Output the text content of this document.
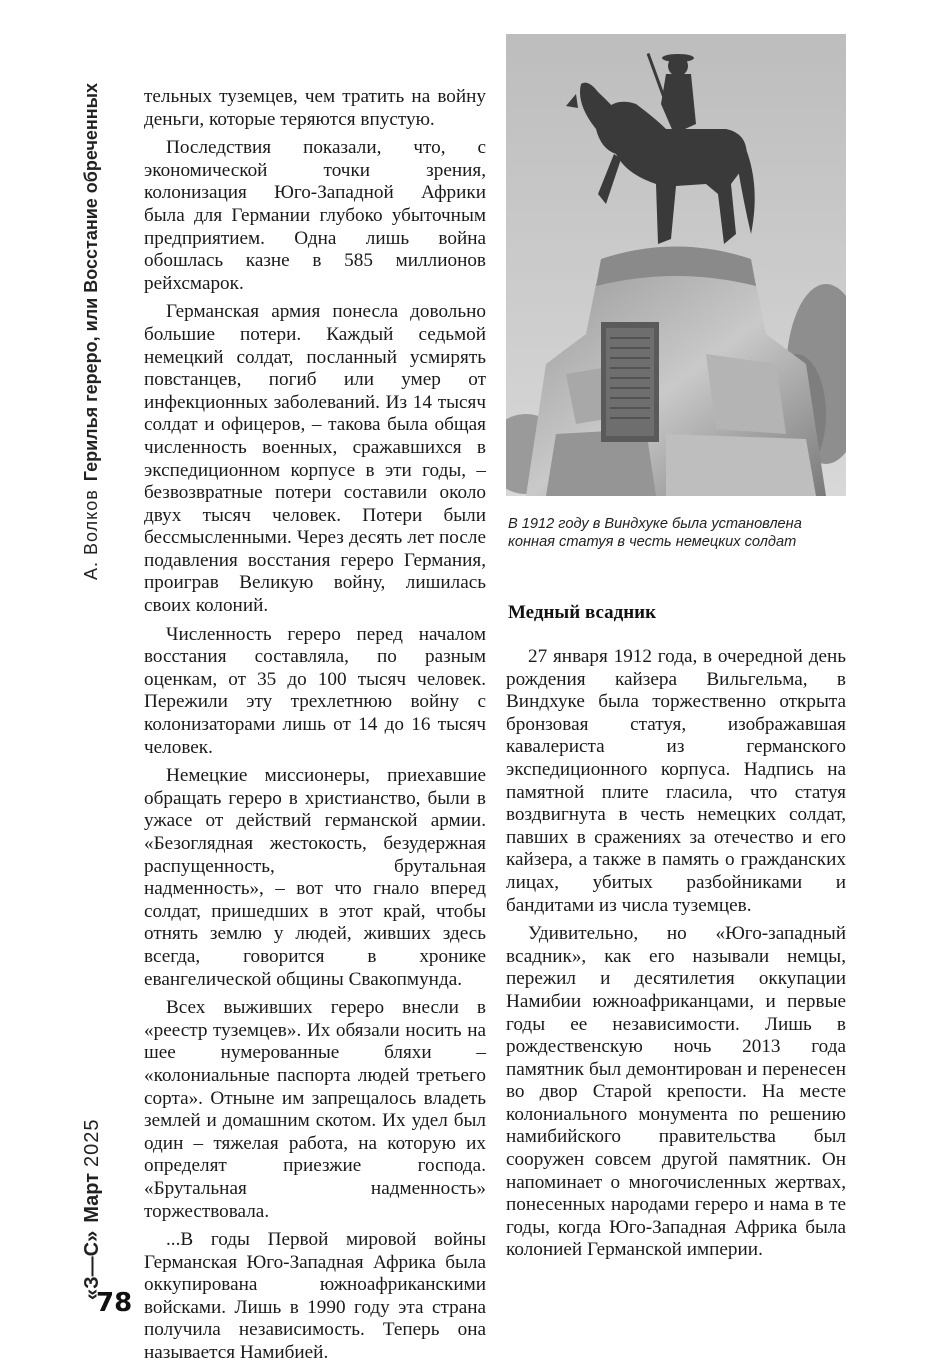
А. ВолковГерилья гереро, или Восстание обреченных
«З—С»Март2025
78

тельных туземцев, чем тратить на войну деньги, которые теряются впустую.

Последствия показали, что, с экономической точки зрения, колонизация Юго-Западной Африки была для Германии глубоко убыточным предприятием. Одна лишь война обошлась казне в 585 миллионов рейхсмарок.

Германская армия понесла довольно большие потери. Каждый седьмой немецкий солдат, посланный усмирять повстанцев, погиб или умер от инфекционных заболеваний. Из 14 тысяч солдат и офицеров, – такова была общая численность военных, сражавшихся в экспедиционном корпусе в эти годы, – безвозвратные потери составили около двух тысяч человек. Потери были бессмысленными. Через десять лет после подавления восстания гереро Германия, проиграв Великую войну, лишилась своих колоний.

Численность гереро перед началом восстания составляла, по разным оценкам, от 35 до 100 тысяч человек. Пережили эту трехлетнюю войну с колонизаторами лишь от 14 до 16 тысяч человек.

Немецкие миссионеры, приехавшие обращать гереро в христианство, были в ужасе от действий германской армии. «Безоглядная жестокость, безудержная распущенность, брутальная надменность», – вот что гнало вперед солдат, пришедших в этот край, чтобы отнять землю у людей, живших здесь всегда, говорится в хронике евангелической общины Свакопмунда.

Всех выживших гереро внесли в «реестр туземцев». Их обязали носить на шее нумерованные бляхи – «колониальные паспорта людей третьего сорта». Отныне им запрещалось владеть землей и домашним скотом. Их удел был один – тяжелая работа, на которую их определят приезжие господа. «Брутальная надменность» торжествовала.

...В годы Первой мировой войны Германская Юго-Западная Африка была оккупирована южноафриканскими войсками. Лишь в 1990 году эта страна получила независимость. Теперь она называется Намибией.

В 1912 году в Виндхуке была установлена конная статуя в честь немецких солдат
Медный всадник

27 января 1912 года, в очередной день рождения кайзера Вильгельма, в Виндхуке была торжественно открыта бронзовая статуя, изображавшая кавалериста из германского экспедиционного корпуса. Надпись на памятной плите гласила, что статуя воздвигнута в честь немецких солдат, павших в сражениях за отечество и его кайзера, а также в память о гражданских лицах, убитых разбойниками и бандитами из числа туземцев.

Удивительно, но «Юго-западный всадник», как его называли немцы, пережил и десятилетия оккупации Намибии южноафриканцами, и первые годы ее независимости. Лишь в рождественскую ночь 2013 года памятник был демонтирован и перенесен во двор Старой крепости. На месте колониального монумента по решению намибийского правительства был сооружен совсем другой памятник. Он напоминает о многочисленных жертвах, понесенных народами гереро и нама в те годы, когда Юго-Западная Африка была колонией Германской империи.
